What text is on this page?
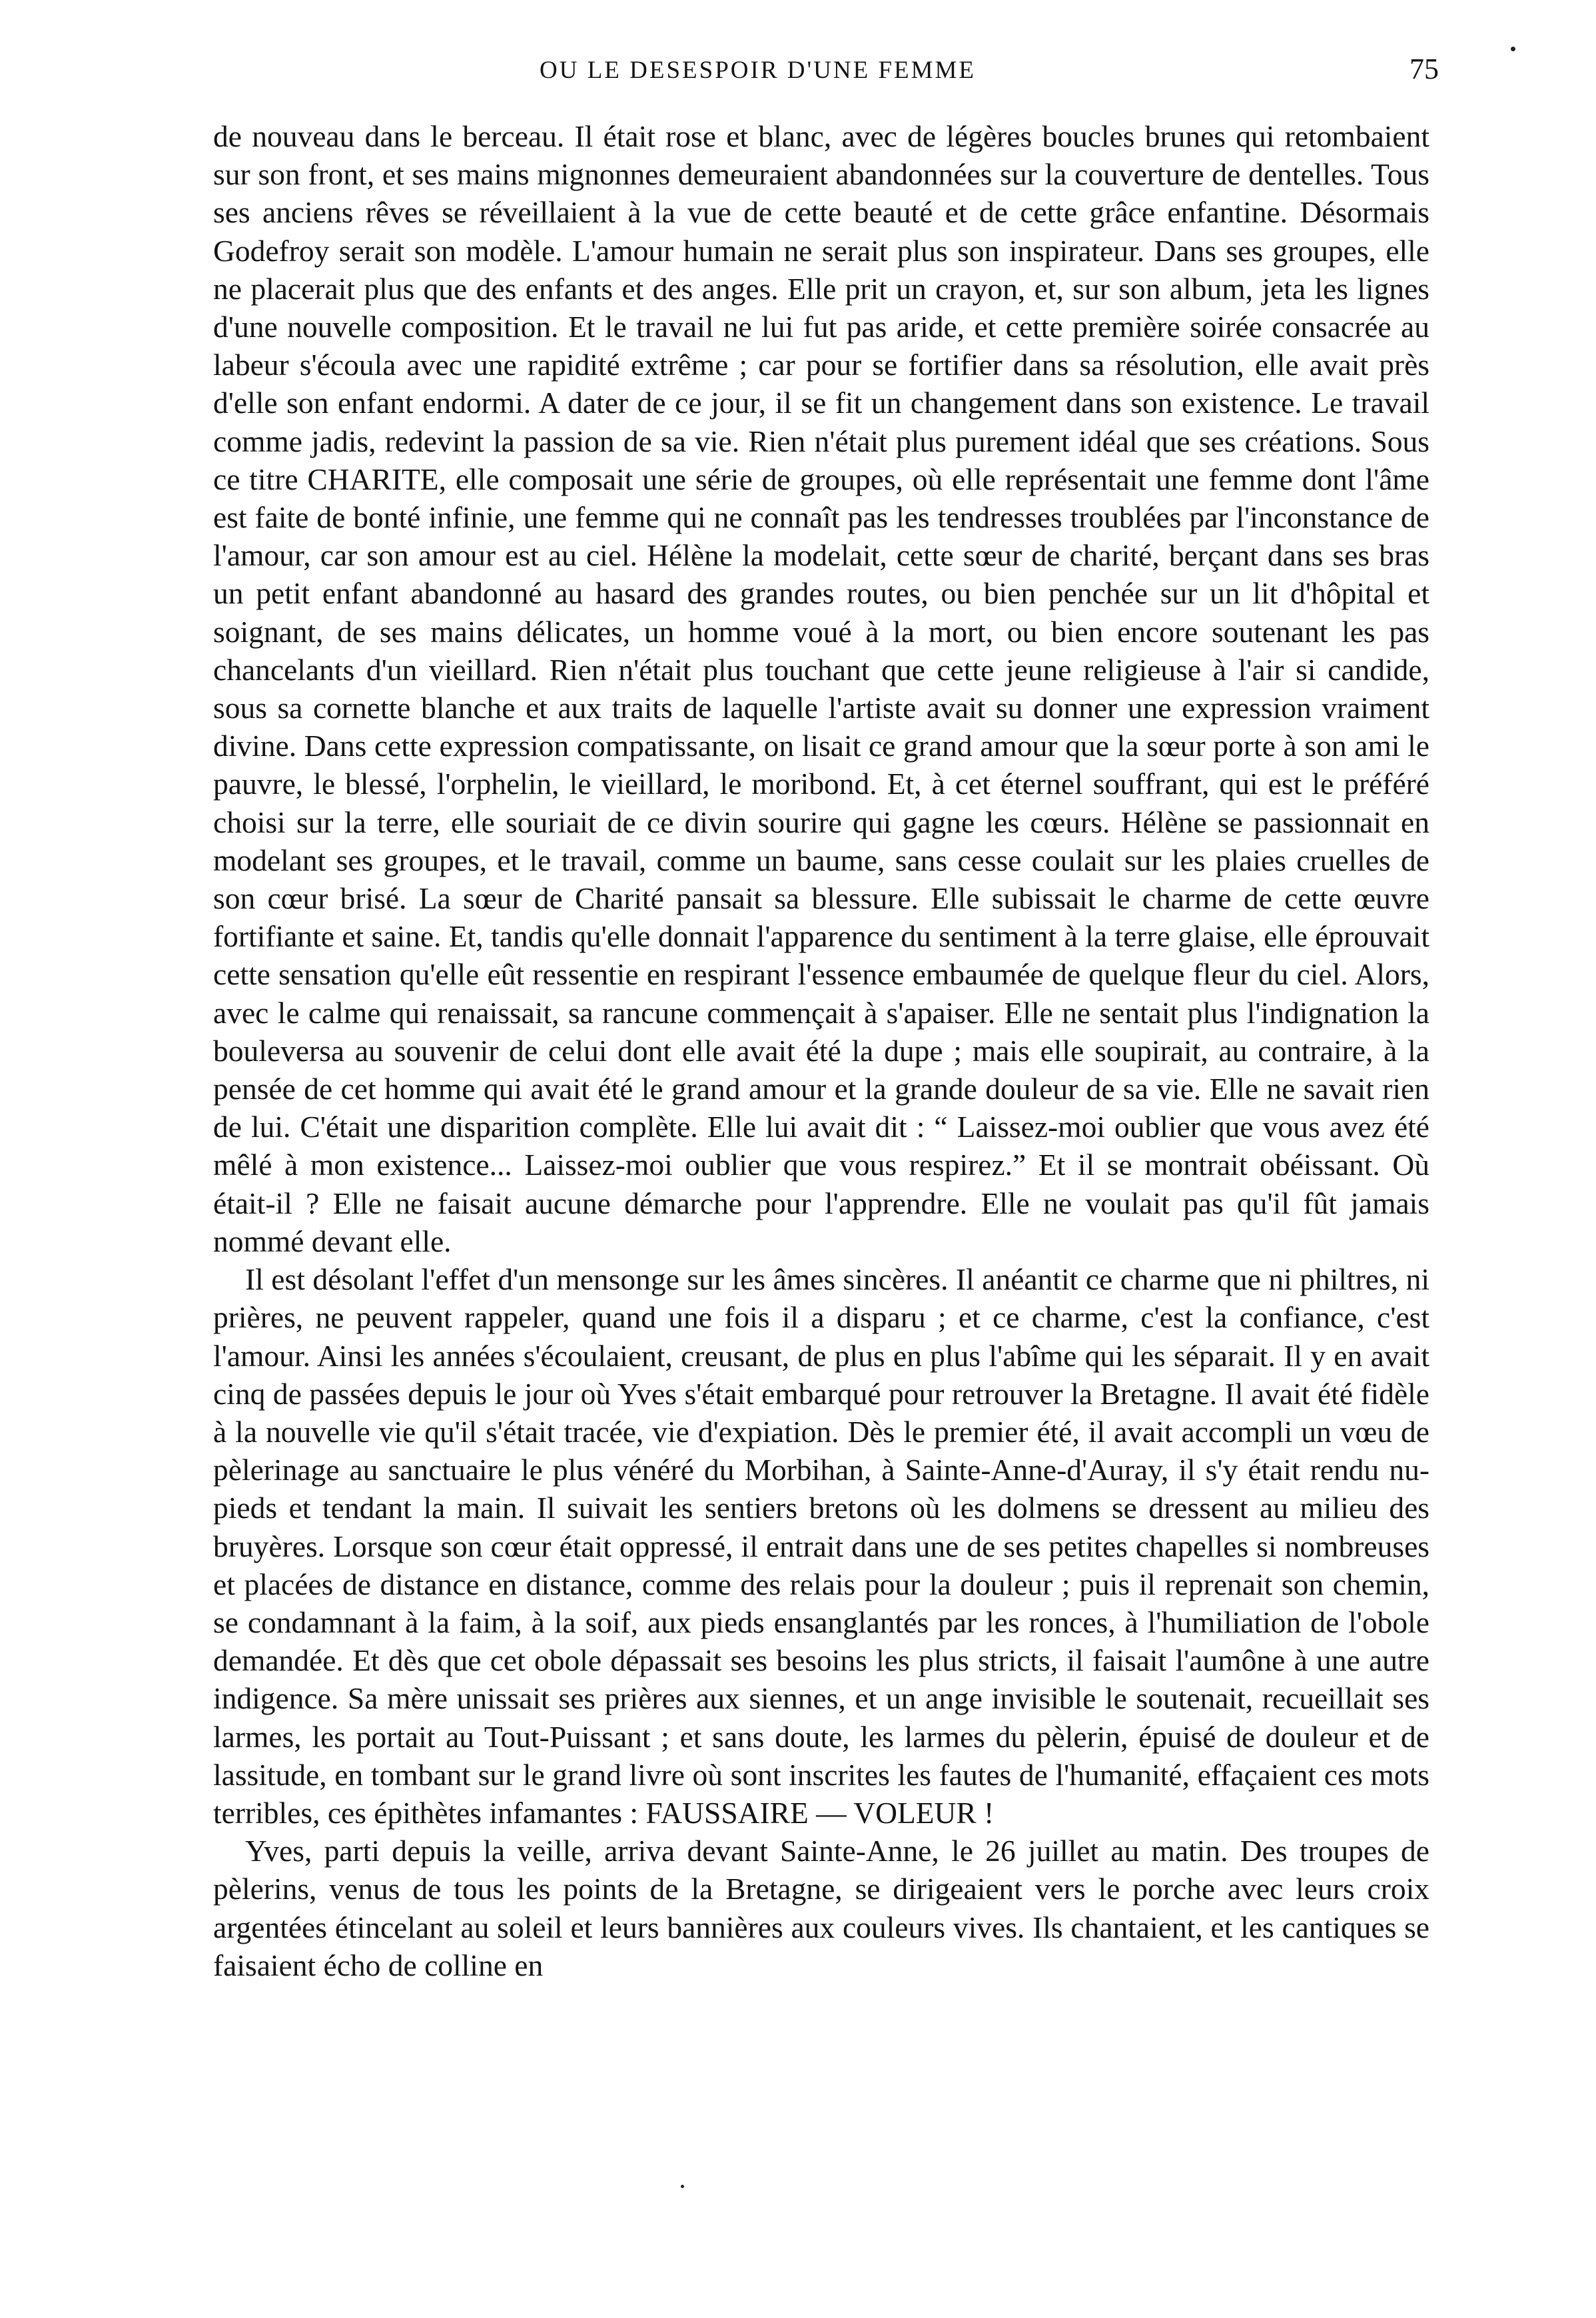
OU LE DESESPOIR D'UNE FEMME	75

de nouveau dans le berceau. Il était rose et blanc, avec de légères boucles brunes qui retombaient sur son front, et ses mains mignonnes demeuraient abandonnées sur la couverture de dentelles. Tous ses anciens rêves se réveillaient à la vue de cette beauté et de cette grâce enfantine. Désormais Godefroy serait son modèle. L'amour humain ne serait plus son inspirateur. Dans ses groupes, elle ne placerait plus que des enfants et des anges. Elle prit un crayon, et, sur son album, jeta les lignes d'une nouvelle composition. Et le travail ne lui fut pas aride, et cette première soirée consacrée au labeur s'écoula avec une rapidité extrême ; car pour se fortifier dans sa résolution, elle avait près d'elle son enfant endormi. A dater de ce jour, il se fit un changement dans son existence. Le travail comme jadis, redevint la passion de sa vie. Rien n'était plus purement idéal que ses créations. Sous ce titre CHARITE, elle composait une série de groupes, où elle représentait une femme dont l'âme est faite de bonté infinie, une femme qui ne connaît pas les tendresses troublées par l'inconstance de l'amour, car son amour est au ciel. Hélène la modelait, cette sœur de charité, berçant dans ses bras un petit enfant abandonné au hasard des grandes routes, ou bien penchée sur un lit d'hôpital et soignant, de ses mains délicates, un homme voué à la mort, ou bien encore soutenant les pas chancelants d'un vieillard. Rien n'était plus touchant que cette jeune religieuse à l'air si candide, sous sa cornette blanche et aux traits de laquelle l'artiste avait su donner une expression vraiment divine. Dans cette expression compatissante, on lisait ce grand amour que la sœur porte à son ami le pauvre, le blessé, l'orphelin, le vieillard, le moribond. Et, à cet éternel souffrant, qui est le préféré choisi sur la terre, elle souriait de ce divin sourire qui gagne les cœurs. Hélène se passionnait en modelant ses groupes, et le travail, comme un baume, sans cesse coulait sur les plaies cruelles de son cœur brisé. La sœur de Charité pansait sa blessure. Elle subissait le charme de cette œuvre fortifiante et saine. Et, tandis qu'elle donnait l'apparence du sentiment à la terre glaise, elle éprouvait cette sensation qu'elle eût ressentie en respirant l'essence embaumée de quelque fleur du ciel. Alors, avec le calme qui renaissait, sa rancune commençait à s'apaiser. Elle ne sentait plus l'indignation la bouleversa au souvenir de celui dont elle avait été la dupe ; mais elle soupirait, au contraire, à la pensée de cet homme qui avait été le grand amour et la grande douleur de sa vie. Elle ne savait rien de lui. C'était une disparition complète. Elle lui avait dit : “ Laissez-moi oublier que vous avez été mêlé à mon existence... Laissez-moi oublier que vous respirez.” Et il se montrait obéissant. Où était-il ? Elle ne faisait aucune démarche pour l'apprendre. Elle ne voulait pas qu'il fût jamais nommé devant elle.

Il est désolant l'effet d'un mensonge sur les âmes sincères. Il anéantit ce charme que ni philtres, ni prières, ne peuvent rappeler, quand une fois il a disparu ; et ce charme, c'est la confiance, c'est l'amour. Ainsi les années s'écoulaient, creusant, de plus en plus l'abîme qui les séparait. Il y en avait cinq de passées depuis le jour où Yves s'était embarqué pour retrouver la Bretagne. Il avait été fidèle à la nouvelle vie qu'il s'était tracée, vie d'expiation. Dès le premier été, il avait accompli un vœu de pèlerinage au sanctuaire le plus vénéré du Morbihan, à Sainte-Anne-d'Auray, il s'y était rendu nu-pieds et tendant la main. Il suivait les sentiers bretons où les dolmens se dressent au milieu des bruyères. Lorsque son cœur était oppressé, il entrait dans une de ses petites chapelles si nombreuses et placées de distance en distance, comme des relais pour la douleur ; puis il reprenait son chemin, se condamnant à la faim, à la soif, aux pieds ensanglantés par les ronces, à l'humiliation de l'obole demandée. Et dès que cet obole dépassait ses besoins les plus stricts, il faisait l'aumône à une autre indigence. Sa mère unissait ses prières aux siennes, et un ange invisible le soutenait, recueillait ses larmes, les portait au Tout-Puissant ; et sans doute, les larmes du pèlerin, épuisé de douleur et de lassitude, en tombant sur le grand livre où sont inscrites les fautes de l'humanité, effaçaient ces mots terribles, ces épithètes infamantes : FAUSSAIRE — VOLEUR !

Yves, parti depuis la veille, arriva devant Sainte-Anne, le 26 juillet au matin. Des troupes de pèlerins, venus de tous les points de la Bretagne, se dirigeaient vers le porche avec leurs croix argentées étincelant au soleil et leurs bannières aux couleurs vives. Ils chantaient, et les cantiques se faisaient écho de colline en
